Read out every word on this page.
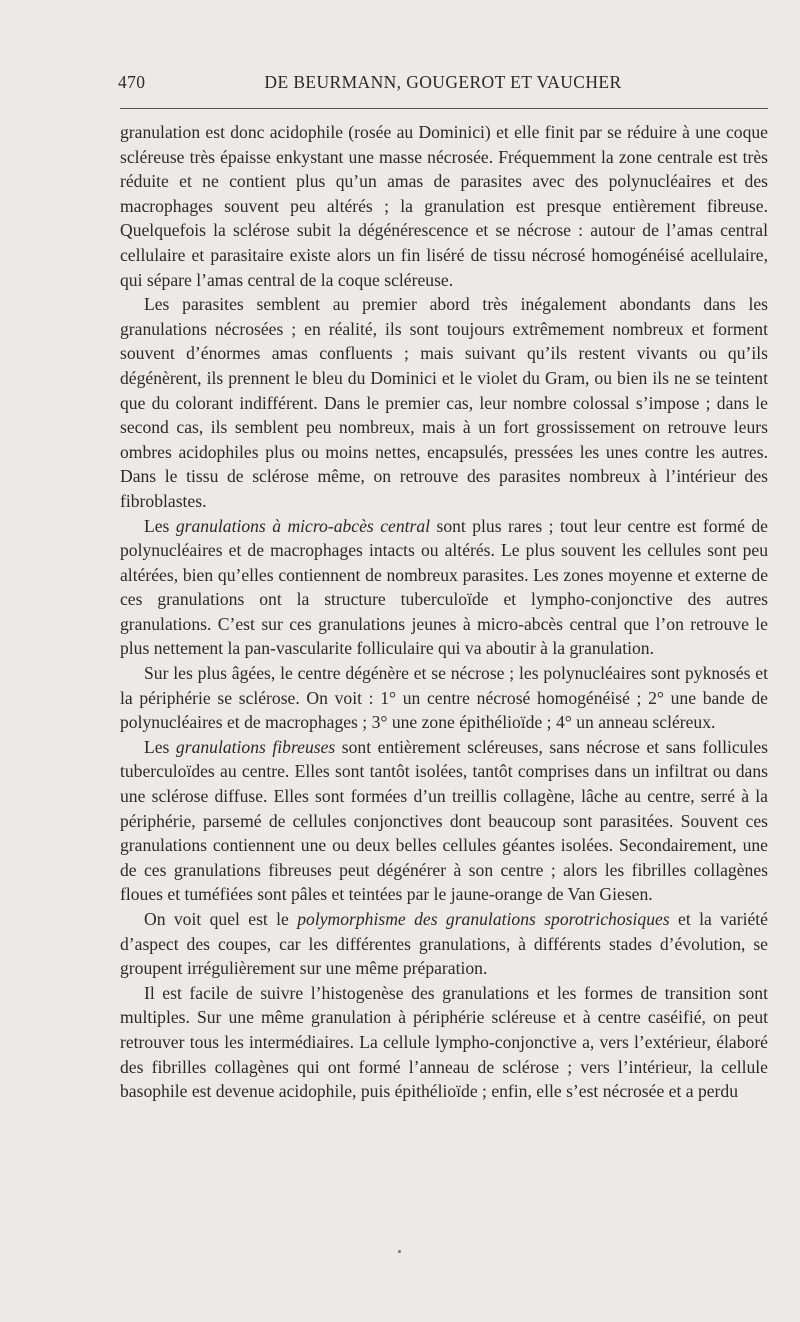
470	DE BEURMANN, GOUGEROT ET VAUCHER

granulation est donc acidophile (rosée au Dominici) et elle finit par se réduire à une coque scléreuse très épaisse enkystant une masse nécrosée. Fréquemment la zone centrale est très réduite et ne contient plus qu’un amas de parasites avec des polynucléaires et des macrophages souvent peu altérés ; la granulation est presque entièrement fibreuse. Quelquefois la sclérose subit la dégénérescence et se nécrose : autour de l’amas central cellulaire et parasitaire existe alors un fin liséré de tissu nécrosé homogénéisé acellulaire, qui sépare l’amas central de la coque scléreuse.

Les parasites semblent au premier abord très inégalement abondants dans les granulations nécrosées ; en réalité, ils sont toujours extrêmement nombreux et forment souvent d’énormes amas confluents ; mais suivant qu’ils restent vivants ou qu’ils dégénèrent, ils prennent le bleu du Dominici et le violet du Gram, ou bien ils ne se teintent que du colorant indifférent. Dans le premier cas, leur nombre colossal s’impose ; dans le second cas, ils semblent peu nombreux, mais à un fort grossissement on retrouve leurs ombres acidophiles plus ou moins nettes, encapsulés, pressées les unes contre les autres. Dans le tissu de sclérose même, on retrouve des parasites nombreux à l’intérieur des fibroblastes.

Les granulations à micro-abcès central sont plus rares ; tout leur centre est formé de polynucléaires et de macrophages intacts ou altérés. Le plus souvent les cellules sont peu altérées, bien qu’elles contiennent de nombreux parasites. Les zones moyenne et externe de ces granulations ont la structure tuberculoïde et lympho-conjonctive des autres granulations. C’est sur ces granulations jeunes à micro-abcès central que l’on retrouve le plus nettement la pan-vascularite folliculaire qui va aboutir à la granulation.

Sur les plus âgées, le centre dégénère et se nécrose ; les polynucléaires sont pyknosés et la périphérie se sclérose. On voit : 1° un centre nécrosé homogénéisé ; 2° une bande de polynucléaires et de macrophages ; 3° une zone épithélioïde ; 4° un anneau scléreux.

Les granulations fibreuses sont entièrement scléreuses, sans nécrose et sans follicules tuberculoïdes au centre. Elles sont tantôt isolées, tantôt comprises dans un infiltrat ou dans une sclérose diffuse. Elles sont formées d’un treillis collagène, lâche au centre, serré à la périphérie, parsemé de cellules conjonctives dont beaucoup sont parasitées. Souvent ces granulations contiennent une ou deux belles cellules géantes isolées. Secondairement, une de ces granulations fibreuses peut dégénérer à son centre ; alors les fibrilles collagènes floues et tuméfiées sont pâles et teintées par le jaune-orange de Van Giesen.

On voit quel est le polymorphisme des granulations sporotrichosiques et la variété d’aspect des coupes, car les différentes granulations, à différents stades d’évolution, se groupent irrégulièrement sur une même préparation.

Il est facile de suivre l’histogenèse des granulations et les formes de transition sont multiples. Sur une même granulation à périphérie scléreuse et à centre caséifié, on peut retrouver tous les intermédiaires. La cellule lympho-conjonctive a, vers l’extérieur, élaboré des fibrilles collagènes qui ont formé l’anneau de sclérose ; vers l’intérieur, la cellule basophile est devenue acidophile, puis épithélioïde ; enfin, elle s’est nécrosée et a perdu
